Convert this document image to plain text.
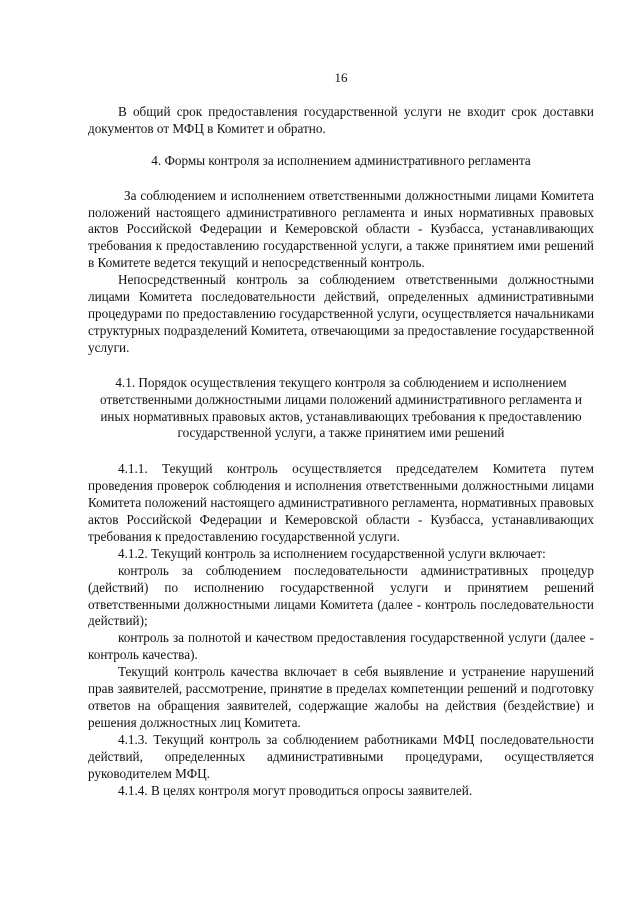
16

В общий срок предоставления государственной услуги не входит срок доставки документов от МФЦ в Комитет и обратно.

4. Формы контроля за исполнением административного регламента

За соблюдением и исполнением ответственными должностными лицами Комитета положений настоящего административного регламента и иных нормативных правовых актов Российской Федерации и Кемеровской области - Кузбасса, устанавливающих требования к предоставлению государственной услуги, а также принятием ими решений в Комитете ведется текущий и непосредственный контроль.

Непосредственный контроль за соблюдением ответственными должностными лицами Комитета последовательности действий, определенных административными процедурами по предоставлению государственной услуги, осуществляется начальниками структурных подразделений Комитета, отвечающими за предоставление государственной услуги.

4.1. Порядок осуществления текущего контроля за соблюдением и исполнением ответственными должностными лицами положений административного регламента и иных нормативных правовых актов, устанавливающих требования к предоставлению государственной услуги, а также принятием ими решений

4.1.1. Текущий контроль осуществляется председателем Комитета путем проведения проверок соблюдения и исполнения ответственными должностными лицами Комитета положений настоящего административного регламента, нормативных правовых актов Российской Федерации и Кемеровской области - Кузбасса, устанавливающих требования к предоставлению государственной услуги.

4.1.2. Текущий контроль за исполнением государственной услуги включает:

контроль за соблюдением последовательности административных процедур (действий) по исполнению государственной услуги и принятием решений ответственными должностными лицами Комитета (далее - контроль последовательности действий);

контроль за полнотой и качеством предоставления государственной услуги (далее - контроль качества).

Текущий контроль качества включает в себя выявление и устранение нарушений прав заявителей, рассмотрение, принятие в пределах компетенции решений и подготовку ответов на обращения заявителей, содержащие жалобы на действия (бездействие) и решения должностных лиц Комитета.

4.1.3. Текущий контроль за соблюдением работниками МФЦ последовательности действий, определенных административными процедурами, осуществляется руководителем МФЦ.

4.1.4. В целях контроля могут проводиться опросы заявителей.
